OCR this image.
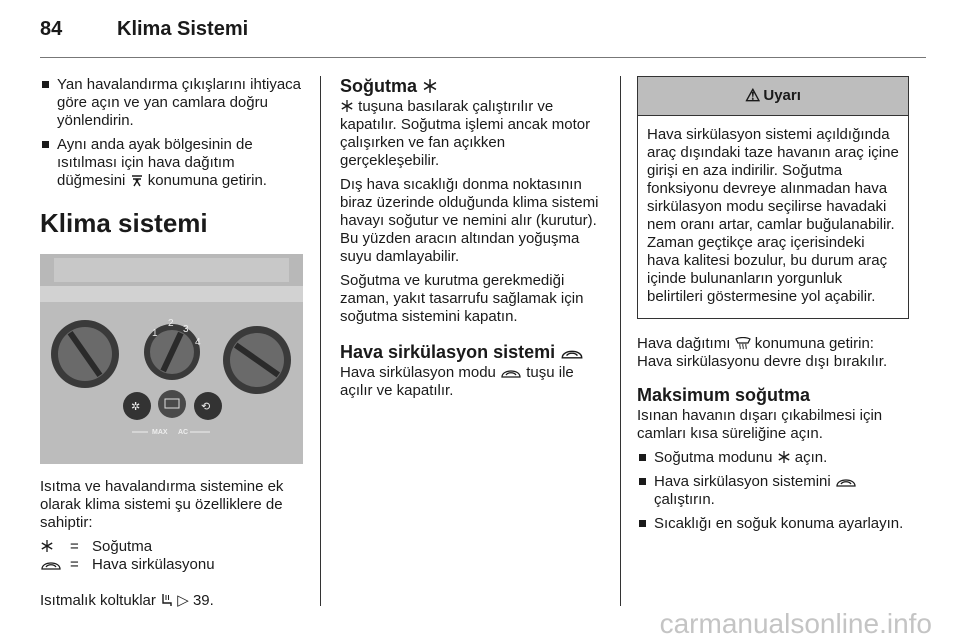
84	Klima Sistemi
Yan havalandırma çıkışlarını ihtiyaca göre açın ve yan camlara doğru yönlendirin.
Aynı anda ayak bölgesinin de ısıtılması için hava dağıtım düğmesini konumuna getirin.
Klima sistemi
✲	⟲
1
2
3
4
MAX AC

Isıtma ve havalandırma sistemine ek olarak klima sistemi şu özelliklere de sahiptir:

= Soğutma
= Hava sirkülasyonu

Isıtmalık koltuklar ▷ 39.

Soğutma

tuşuna basılarak çalıştırılır ve kapatılır. Soğutma işlemi ancak motor çalışırken ve fan açıkken gerçekleşebilir.

Dış hava sıcaklığı donma noktasının biraz üzerinde olduğunda klima sistemi havayı soğutur ve nemini alır (kurutur). Bu yüzden aracın altından yoğuşma suyu damlayabilir.

Soğutma ve kurutma gerekmediği zaman, yakıt tasarrufu sağlamak için soğutma sistemini kapatın.

Hava sirkülasyon sistemi

Hava sirkülasyon modu tuşu ile açılır ve kapatılır.

⚠ Uyarı
Hava sirkülasyon sistemi açıldığında araç dışındaki taze havanın araç içine girişi en aza indirilir. Soğutma fonksiyonu devreye alınmadan hava sirkülasyon modu seçilirse havadaki nem oranı artar, camlar buğulanabilir. Zaman geçtikçe araç içerisindeki hava kalitesi bozulur, bu durum araç içinde bulunanların yorgunluk belirtileri göstermesine yol açabilir.

Hava dağıtımı konumuna getirin: Hava sirkülasyonu devre dışı bırakılır.

Maksimum soğutma

Isınan havanın dışarı çıkabilmesi için camları kısa süreliğine açın.

Soğutma modunu açın.
Hava sirkülasyon sistemini  çalıştırın.
Sıcaklığı en soğuk konuma ayarlayın.
carmanualsonline.info
